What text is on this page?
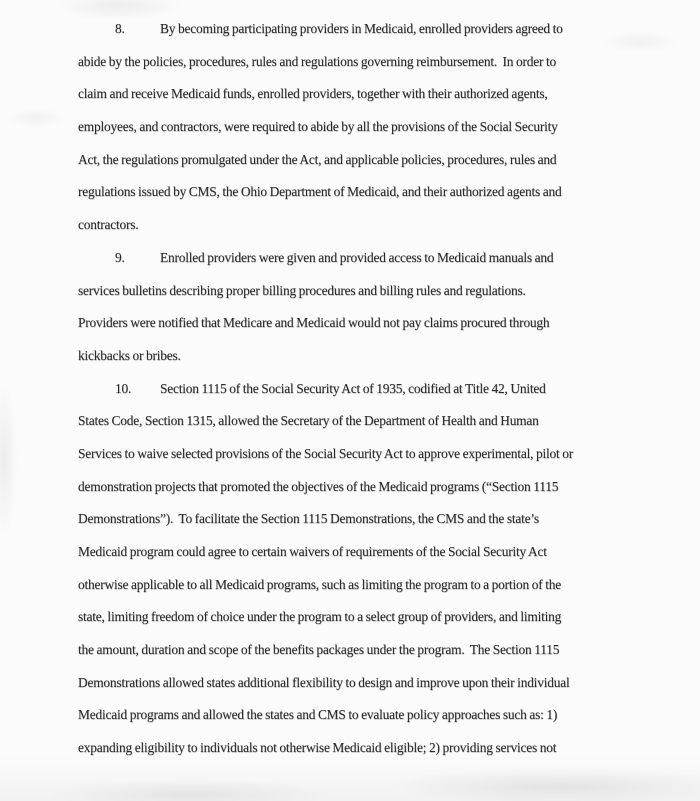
8.	By becoming participating providers in Medicaid, enrolled providers agreed to
abide by the policies, procedures, rules and regulations governing reimbursement.  In order to
claim and receive Medicaid funds, enrolled providers, together with their authorized agents,
employees, and contractors, were required to abide by all the provisions of the Social Security
Act, the regulations promulgated under the Act, and applicable policies, procedures, rules and
regulations issued by CMS, the Ohio Department of Medicaid, and their authorized agents and
contractors.
9.	Enrolled providers were given and provided access to Medicaid manuals and
services bulletins describing proper billing procedures and billing rules and regulations.
Providers were notified that Medicare and Medicaid would not pay claims procured through
kickbacks or bribes.
10. Section 1115 of the Social Security Act of 1935, codified at Title 42, United
States Code, Section 1315, allowed the Secretary of the Department of Health and Human
Services to waive selected provisions of the Social Security Act to approve experimental, pilot or
demonstration projects that promoted the objectives of the Medicaid programs (“Section 1115
Demonstrations”).  To facilitate the Section 1115 Demonstrations, the CMS and the state’s
Medicaid program could agree to certain waivers of requirements of the Social Security Act
otherwise applicable to all Medicaid programs, such as limiting the program to a portion of the
state, limiting freedom of choice under the program to a select group of providers, and limiting
the amount, duration and scope of the benefits packages under the program.  The Section 1115
Demonstrations allowed states additional flexibility to design and improve upon their individual
Medicaid programs and allowed the states and CMS to evaluate policy approaches such as: 1)
expanding eligibility to individuals not otherwise Medicaid eligible; 2) providing services not
